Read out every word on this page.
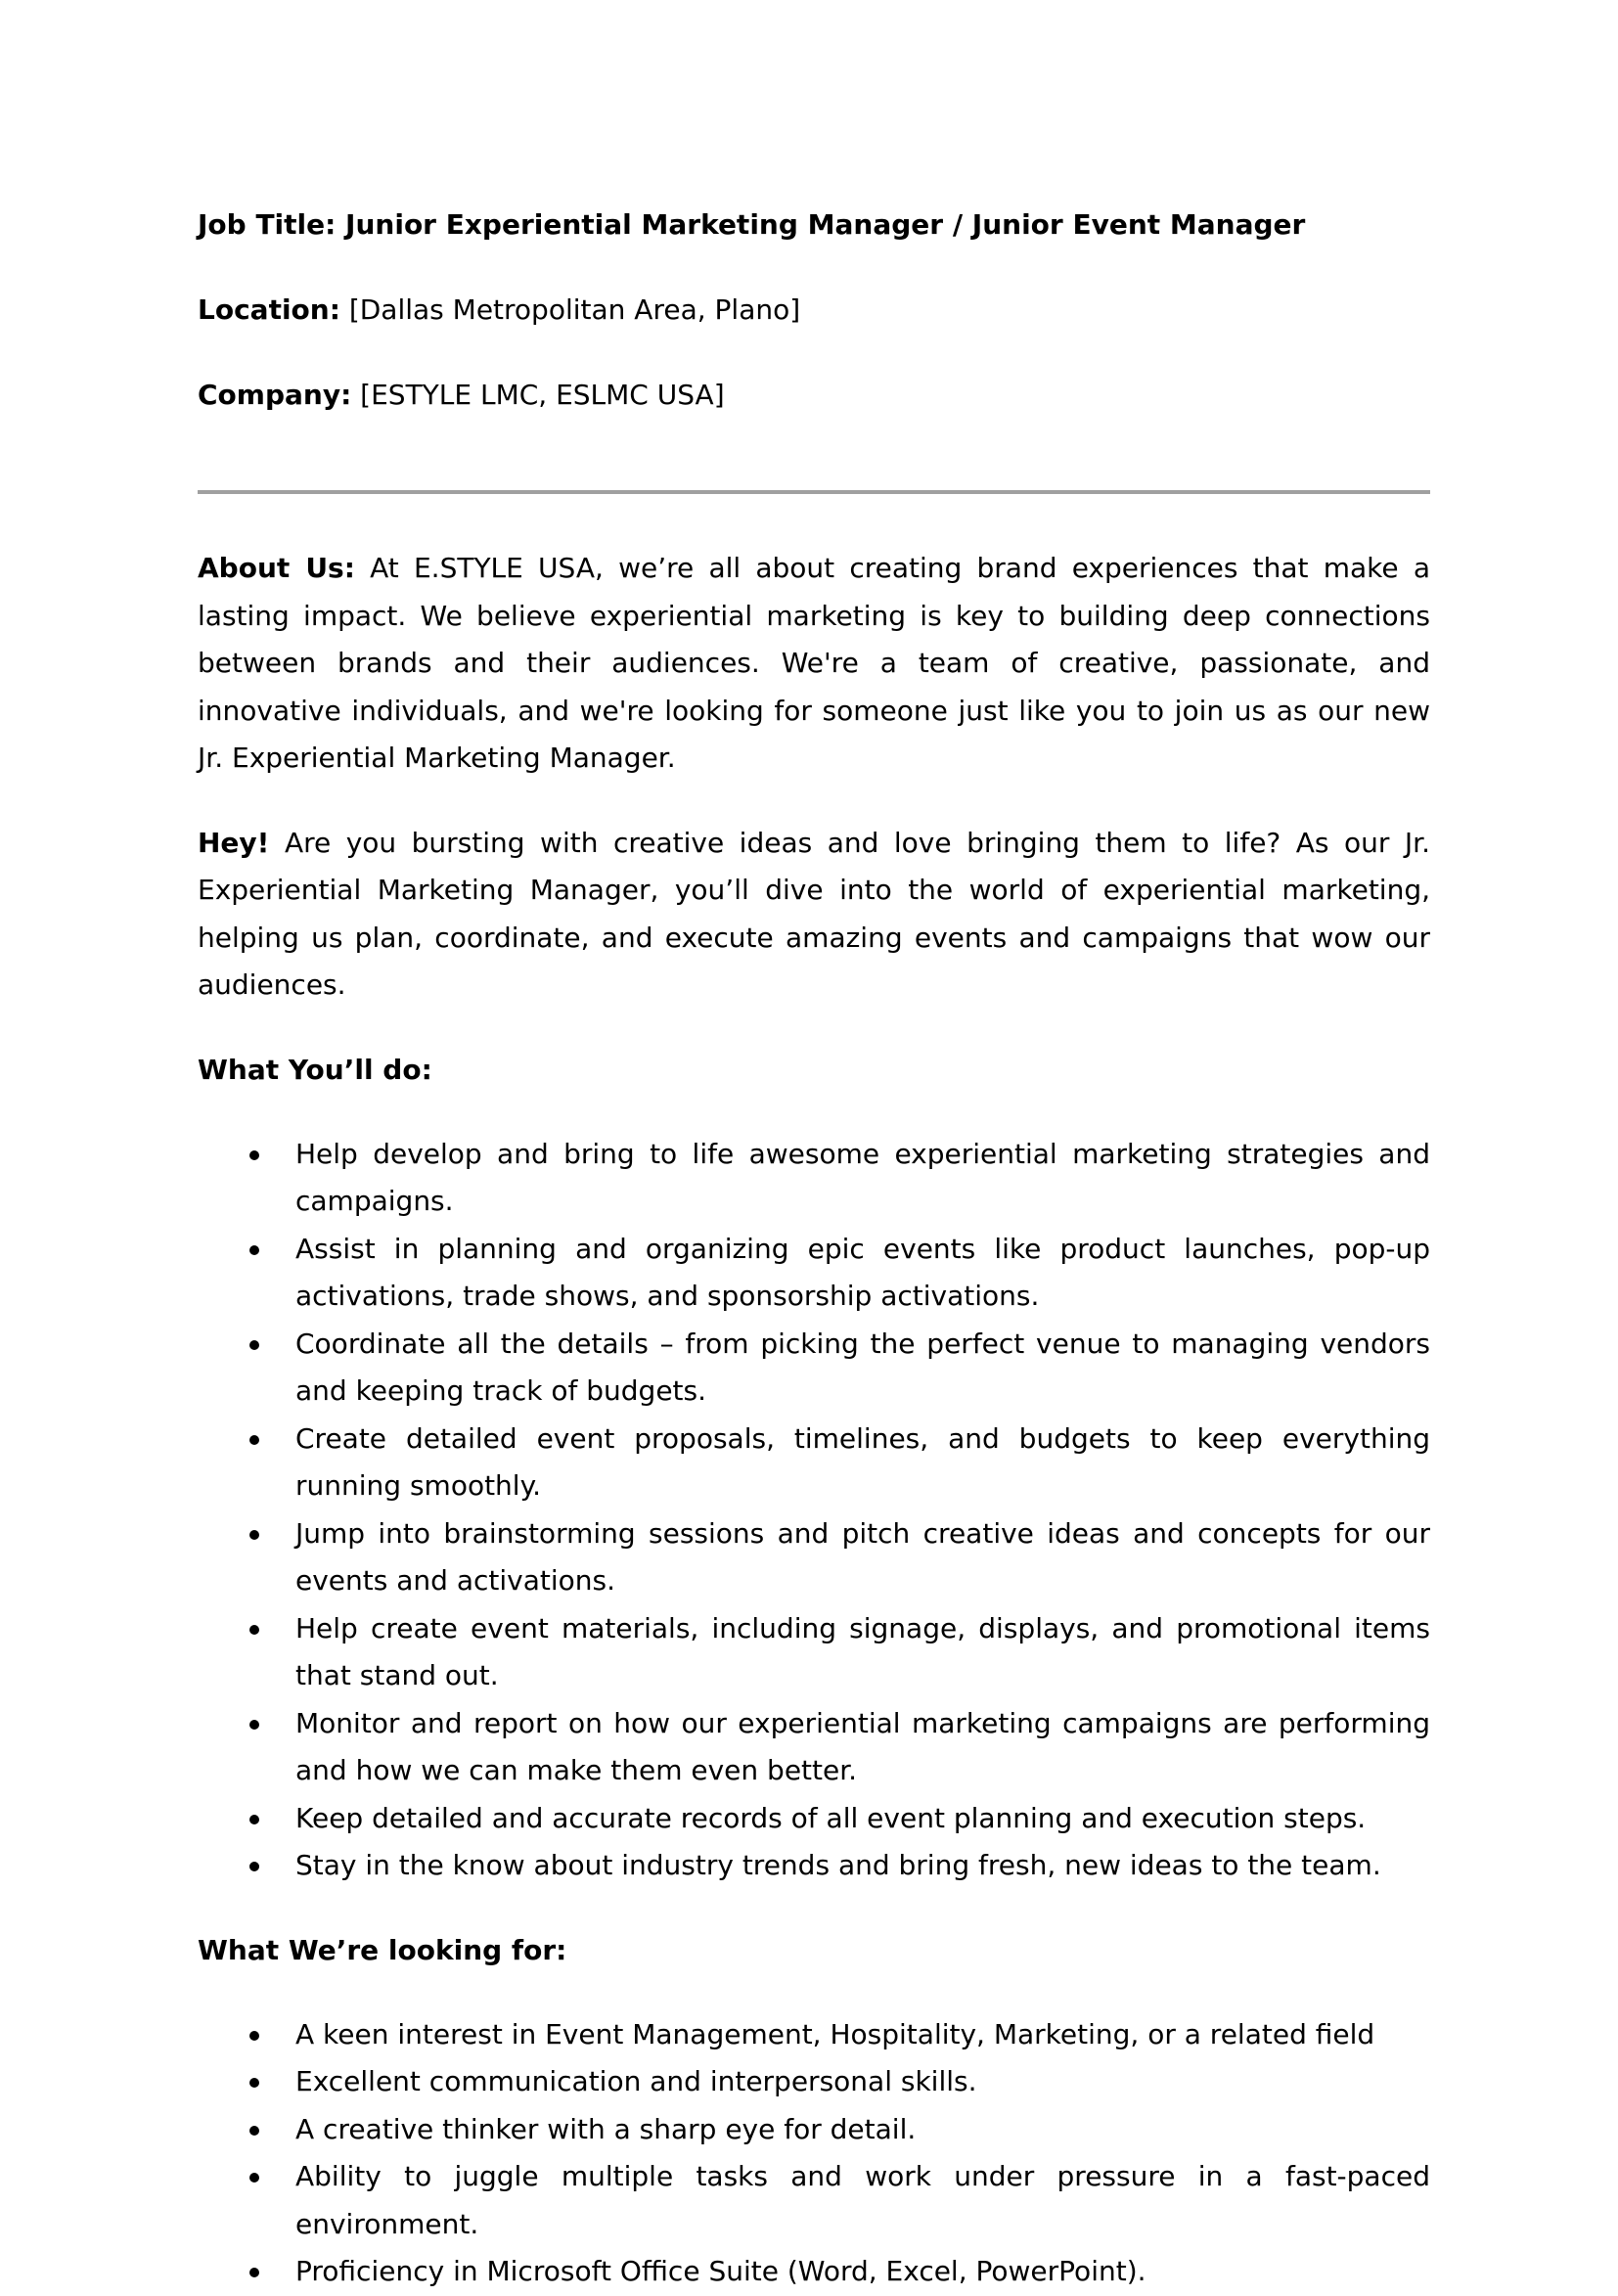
Job Title: Junior Experiential Marketing Manager / Junior Event Manager

Location: [Dallas Metropolitan Area, Plano]

Company: [ESTYLE LMC, ESLMC USA]

About Us: At E.STYLE USA, we’re all about creating brand experiences that make a lasting impact. We believe experiential marketing is key to building deep connections between brands and their audiences. We're a team of creative, passionate, and innovative individuals, and we're looking for someone just like you to join us as our new Jr. Experiential Marketing Manager.

Hey! Are you bursting with creative ideas and love bringing them to life? As our Jr. Experiential Marketing Manager, you’ll dive into the world of experiential marketing, helping us plan, coordinate, and execute amazing events and campaigns that wow our audiences.

What You’ll do:

Help develop and bring to life awesome experiential marketing strategies and campaigns.
Assist in planning and organizing epic events like product launches, pop-up activations, trade shows, and sponsorship activations.
Coordinate all the details – from picking the perfect venue to managing vendors and keeping track of budgets.
Create detailed event proposals, timelines, and budgets to keep everything running smoothly.
Jump into brainstorming sessions and pitch creative ideas and concepts for our events and activations.
Help create event materials, including signage, displays, and promotional items that stand out.
Monitor and report on how our experiential marketing campaigns are performing and how we can make them even better.
Keep detailed and accurate records of all event planning and execution steps.
Stay in the know about industry trends and bring fresh, new ideas to the team.

What We’re looking for:

A keen interest in Event Management, Hospitality, Marketing, or a related field
Excellent communication and interpersonal skills.
A creative thinker with a sharp eye for detail.
Ability to juggle multiple tasks and work under pressure in a fast-paced environment.
Proficiency in Microsoft Office Suite (Word, Excel, PowerPoint).
